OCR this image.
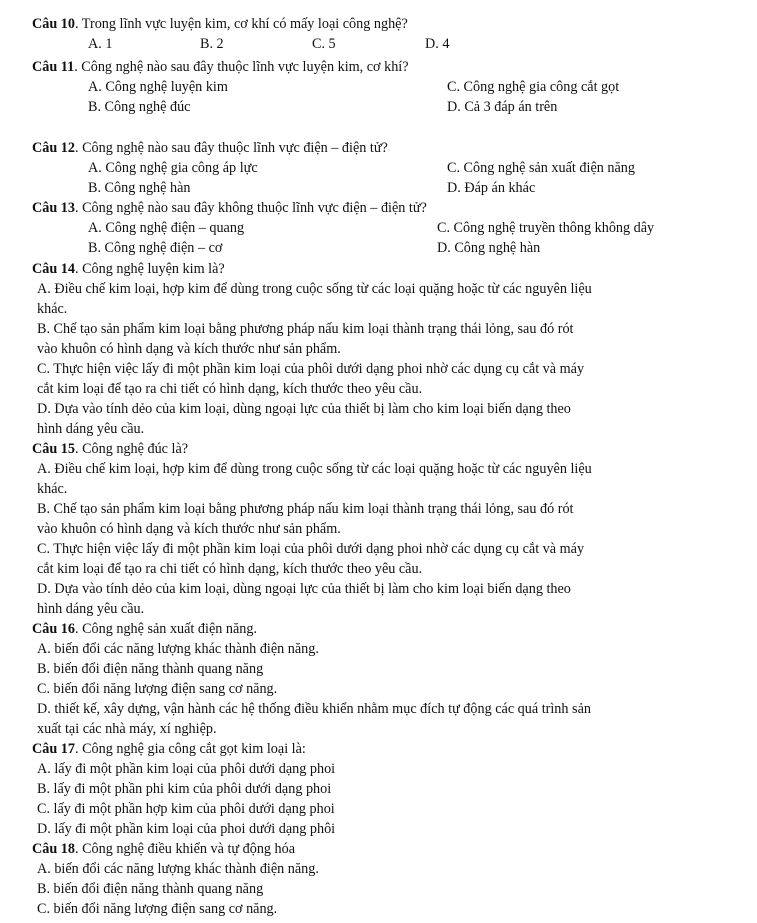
Câu 10. Trong lĩnh vực luyện kim, cơ khí có mấy loại công nghệ?
A. 1	B. 2	C. 5	D. 4
Câu 11. Công nghệ nào sau đây thuộc lĩnh vực luyện kim, cơ khí?
A. Công nghệ luyện kim	C. Công nghệ gia công cắt gọt
B. Công nghệ đúc	D. Cả 3 đáp án trên
Câu 12. Công nghệ nào sau đây thuộc lĩnh vực điện – điện tử?
A. Công nghệ gia công áp lực	C. Công nghệ sản xuất điện năng
B. Công nghệ hàn	D. Đáp án khác
Câu 13. Công nghệ nào sau đây không thuộc lĩnh vực điện – điện tử?
A. Công nghệ điện – quang	C. Công nghệ truyền thông không dây
B. Công nghệ điện – cơ	D. Công nghệ hàn
Câu 14. Công nghệ luyện kim là?
A. Điều chế kim loại, hợp kim để dùng trong cuộc sống từ các loại quặng hoặc từ các nguyên liệu
khác.
B. Chế tạo sản phẩm kim loại bằng phương pháp nấu kim loại thành trạng thái lỏng, sau đó rót
vào khuôn có hình dạng và kích thước như sản phẩm.
C. Thực hiện việc lấy đi một phần kim loại của phôi dưới dạng phoi nhờ các dụng cụ cắt và máy
cắt kim loại để tạo ra chi tiết có hình dạng, kích thước theo yêu cầu.
D. Dựa vào tính dẻo của kim loại, dùng ngoại lực của thiết bị làm cho kim loại biến dạng theo
hình dáng yêu cầu.
Câu 15. Công nghệ đúc là?
A. Điều chế kim loại, hợp kim để dùng trong cuộc sống từ các loại quặng hoặc từ các nguyên liệu
khác.
B. Chế tạo sản phẩm kim loại bằng phương pháp nấu kim loại thành trạng thái lỏng, sau đó rót
vào khuôn có hình dạng và kích thước như sản phẩm.
C. Thực hiện việc lấy đi một phần kim loại của phôi dưới dạng phoi nhờ các dụng cụ cắt và máy
cắt kim loại để tạo ra chi tiết có hình dạng, kích thước theo yêu cầu.
D. Dựa vào tính dẻo của kim loại, dùng ngoại lực của thiết bị làm cho kim loại biến dạng theo
hình dáng yêu cầu.
Câu 16. Công nghệ sản xuất điện năng.
A. biến đổi các năng lượng khác thành điện năng.
B. biến đổi điện năng thành quang năng
C. biến đổi năng lượng điện sang cơ năng.
D. thiết kế, xây dựng, vận hành các hệ thống điều khiển nhằm mục đích tự động các quá trình sản
xuất tại các nhà máy, xí nghiệp.
Câu 17. Công nghệ gia công cắt gọt kim loại là:
A. lấy đi một phần kim loại của phôi dưới dạng phoi
B. lấy đi một phần phi kim của phôi dưới dạng phoi
C. lấy đi một phần hợp kim của phôi dưới dạng phoi
D. lấy đi một phần kim loại của phoi dưới dạng phôi
Câu 18. Công nghệ điều khiển và tự động hóa
A. biến đổi các năng lượng khác thành điện năng.
B. biến đổi điện năng thành quang năng
C. biến đổi năng lượng điện sang cơ năng.
